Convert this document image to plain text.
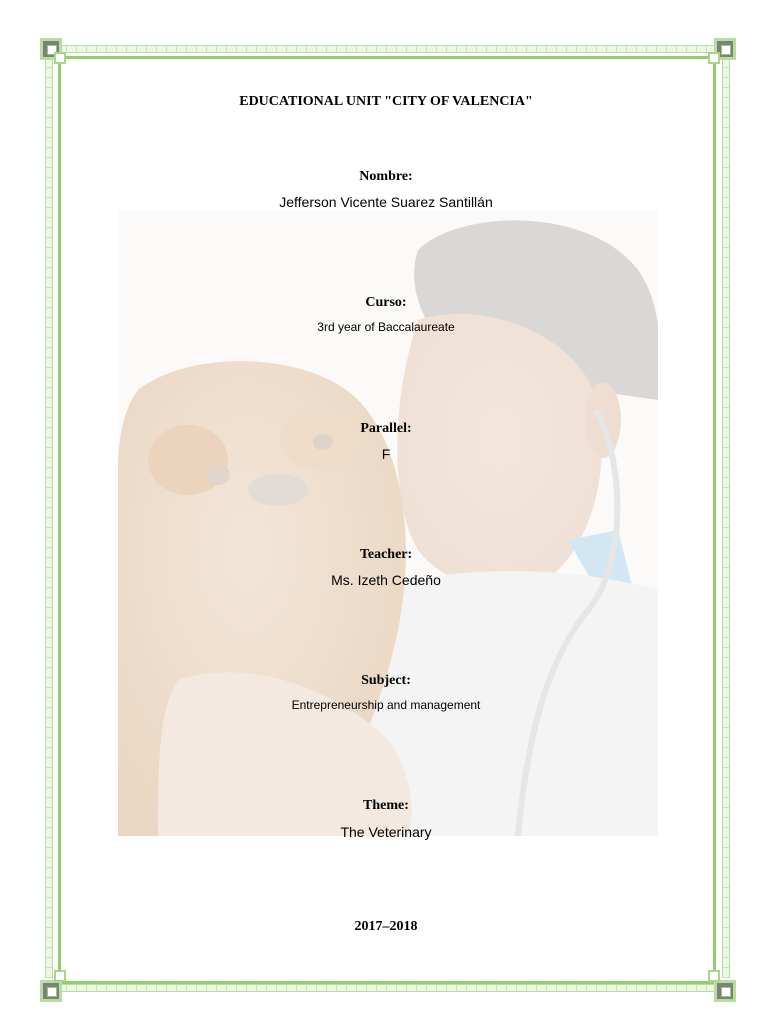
EDUCATIONAL UNIT "CITY OF VALENCIA"
Nombre:
Jefferson Vicente Suarez Santillán
Curso:
3rd year of Baccalaureate
Parallel:
F
Teacher:
Ms. Izeth Cedeño
Subject:
Entrepreneurship and management
Theme:
The Veterinary
2017–2018
